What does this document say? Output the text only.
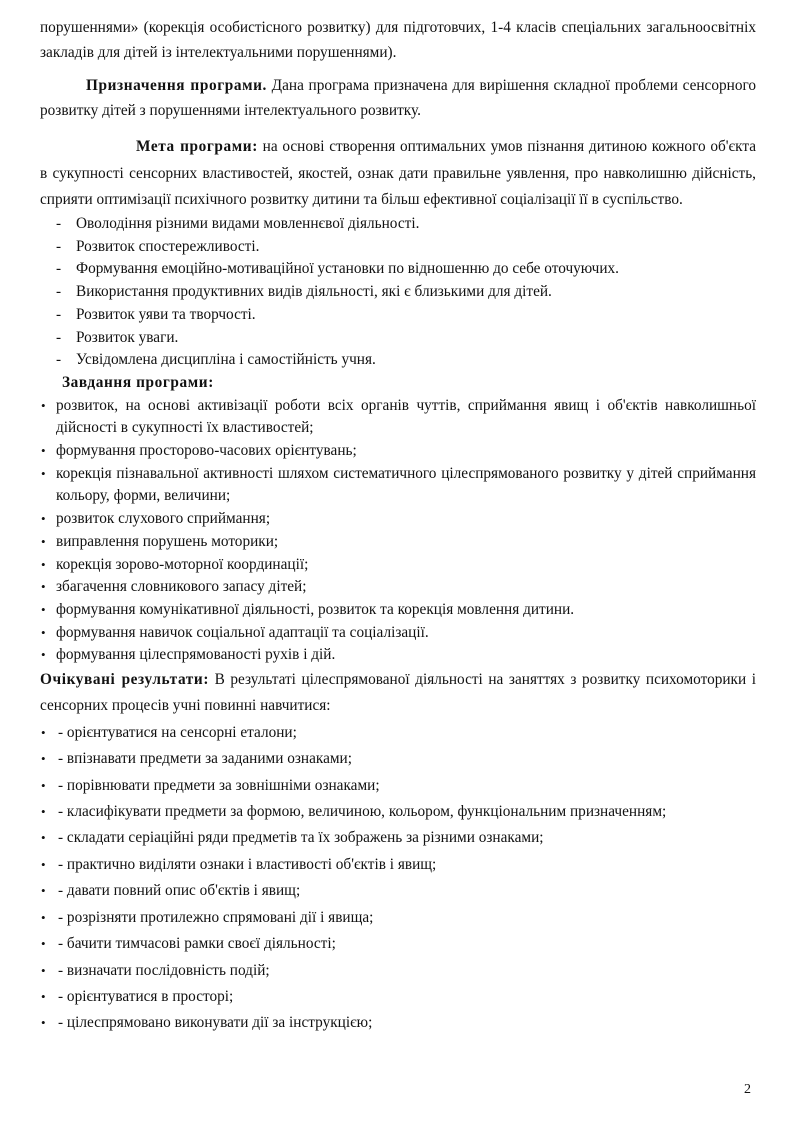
порушеннями» (корекція особистісного розвитку) для підготовчих, 1-4 класів спеціальних загальноосвітніх закладів для дітей із інтелектуальними порушеннями).

Призначення програми. Дана програма призначена для вирішення складної проблеми сенсорного розвитку дітей з порушеннями інтелектуального розвитку.

Мета програми: на основі створення оптимальних умов пізнання дитиною кожного об'єкта в сукупності сенсорних властивостей, якостей, ознак дати правильне уявлення, про навколишню дійсність, сприяти оптимізації психічного розвитку дитини та більш ефективної соціалізації її в суспільство.

- Оволодіння різними видами мовленнєвої діяльності.
- Розвиток спостережливості.
- Формування емоційно-мотиваційної установки по відношенню до себе оточуючих.
- Використання продуктивних видів діяльності, які є близькими для дітей.
- Розвиток уяви та творчості.
- Розвиток уваги.
- Усвідомлена дисципліна і самостійність учня.

Завдання програми:

• розвиток, на основі активізації роботи всіх органів чуттів, сприймання явищ і об'єктів навколишньої дійсності в сукупності їх властивостей;
• формування просторово-часових орієнтувань;
• корекція пізнавальної активності шляхом систематичного цілеспрямованого розвитку у дітей сприймання кольору, форми, величини;
• розвиток слухового сприймання;
• виправлення порушень моторики;
• корекція зорово-моторної координації;
• збагачення словникового запасу дітей;
• формування комунікативної діяльності, розвиток та корекція мовлення дитини.
• формування навичок соціальної адаптації та соціалізації.
• формування цілеспрямованості рухів і дій.

Очікувані результати: В результаті цілеспрямованої діяльності на заняттях з розвитку психомоторики і сенсорних процесів учні повинні навчитися:

• - орієнтуватися на сенсорні еталони;
• - впізнавати предмети за заданими ознаками;
• - порівнювати предмети за зовнішніми ознаками;
• - класифікувати предмети за формою, величиною, кольором, функціональним призначенням;
• - складати серіаційні ряди предметів та їх зображень за різними ознаками;
• - практично виділяти ознаки і властивості об'єктів і явищ;
• - давати повний опис об'єктів і явищ;
• - розрізняти протилежно спрямовані дії і явища;
• - бачити тимчасові рамки своєї діяльності;
• - визначати послідовність подій;
• - орієнтуватися в просторі;
• - цілеспрямовано виконувати дії за інструкцією;
2
